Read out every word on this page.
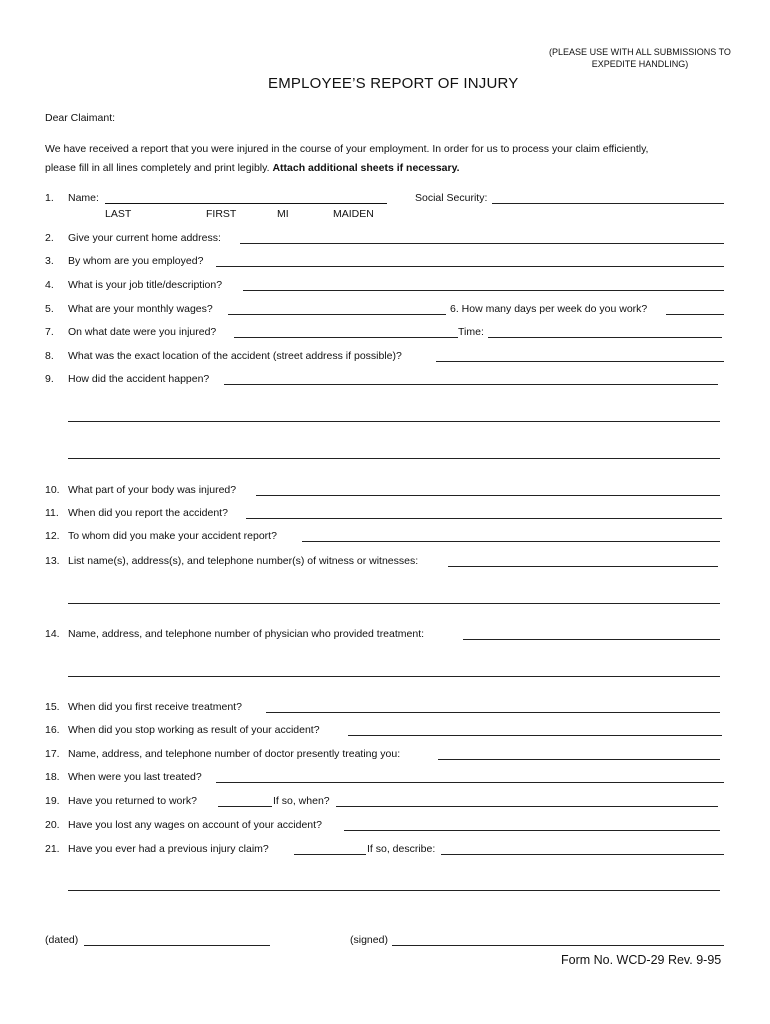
(PLEASE USE WITH ALL SUBMISSIONS TO
EXPEDITE HANDLING)
EMPLOYEE’S REPORT OF INJURY
Dear Claimant:
We have received a report that you were injured in the course of your employment. In order for us to process your claim efficiently,
please fill in all lines completely and print legibly. Attach additional sheets if necessary.
1. Name:
LAST	FIRST	MI	MAIDEN
Social Security:
2. Give your current home address:
3. By whom are you employed?
4. What is your job title/description?
5. What are your monthly wages?	6. How many days per week do you work?
7. On what date were you injured?	Time:
8. What was the exact location of the accident (street address if possible)?
9. How did the accident happen?
10. What part of your body was injured?
11. When did you report the accident?
12. To whom did you make your accident report?
13. List name(s), address(s), and telephone number(s) of witness or witnesses:
14. Name, address, and telephone number of physician who provided treatment:
15. When did you first receive treatment?
16. When did you stop working as result of your accident?
17. Name, address, and telephone number of doctor presently treating you:
18. When were you last treated?
19. Have you returned to work?	If so, when?
20. Have you lost any wages on account of your accident?
21. Have you ever had a previous injury claim?	If so, describe:
(dated)	(signed)
Form No. WCD-29 Rev. 9-95
